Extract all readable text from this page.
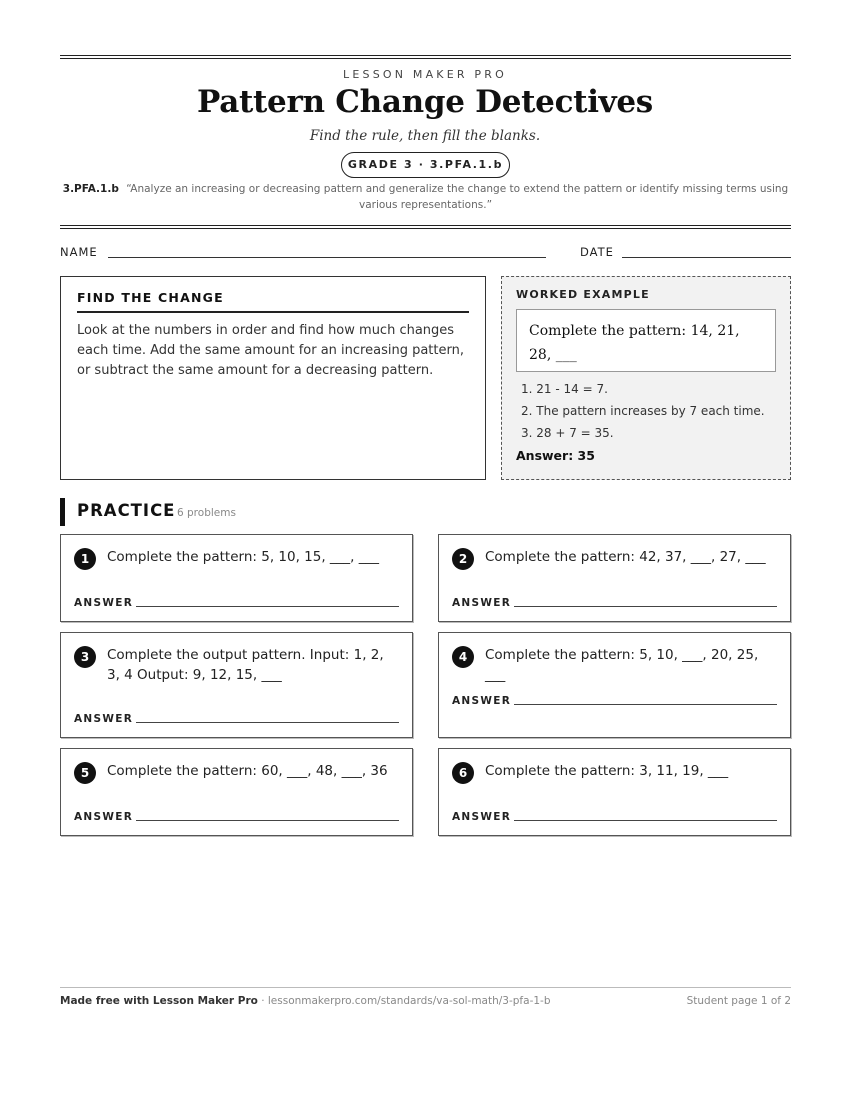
LESSON MAKER PRO
Pattern Change Detectives
Find the rule, then fill the blanks.
GRADE 3 · 3.PFA.1.b
3.PFA.1.b “Analyze an increasing or decreasing pattern and generalize the change to extend the pattern or identify missing terms using various representations.”
NAME	DATE
FIND THE CHANGE
Look at the numbers in order and find how much changes each time. Add the same amount for an increasing pattern, or subtract the same amount for a decreasing pattern.
WORKED EXAMPLE
Complete the pattern: 14, 21, 28, ___
1. 21 - 14 = 7.
2. The pattern increases by 7 each time.
3. 28 + 7 = 35.
Answer: 35
PRACTICE 6 problems
1	Complete the pattern: 5, 10, 15, ___, ___
ANSWER
2	Complete the pattern: 42, 37, ___, 27, ___
ANSWER
3	Complete the output pattern. Input: 1, 2, 3, 4 Output: 9, 12, 15, ___
ANSWER
4	Complete the pattern: 5, 10, ___, 20, 25, ___
ANSWER
5	Complete the pattern: 60, ___, 48, ___, 36
ANSWER
6	Complete the pattern: 3, 11, 19, ___
ANSWER
Made free with Lesson Maker Pro · lessonmakerpro.com/standards/va-sol-math/3-pfa-1-b	Student page 1 of 2
